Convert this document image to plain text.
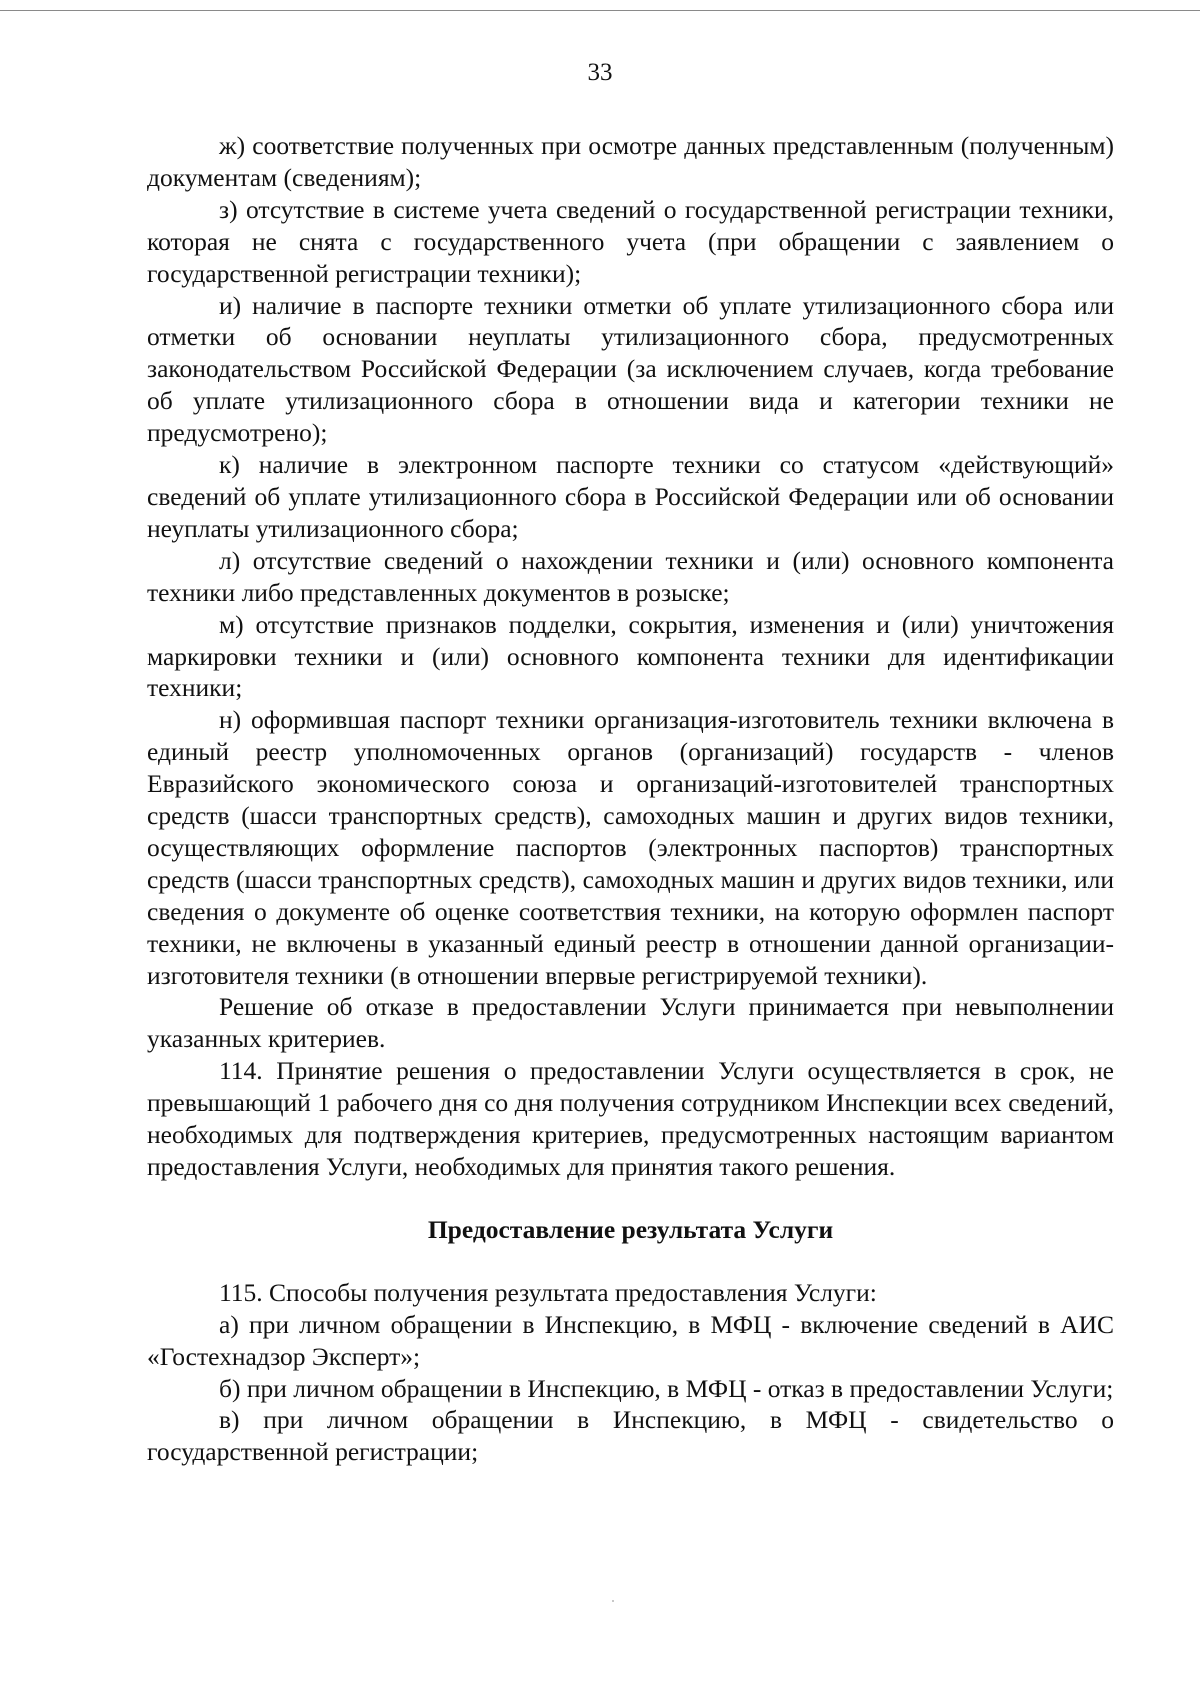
33

ж) соответствие полученных при осмотре данных представленным (полученным) документам (сведениям);

з) отсутствие в системе учета сведений о государственной регистрации техники, которая не снята с государственного учета (при обращении с заявлением о государственной регистрации техники);

и) наличие в паспорте техники отметки об уплате утилизационного сбора или отметки об основании неуплаты утилизационного сбора, предусмотренных законодательством Российской Федерации (за исключением случаев, когда требование об уплате утилизационного сбора в отношении вида и категории техники не предусмотрено);

к) наличие в электронном паспорте техники со статусом «действующий» сведений об уплате утилизационного сбора в Российской Федерации или об основании неуплаты утилизационного сбора;

л) отсутствие сведений о нахождении техники и (или) основного компонента техники либо представленных документов в розыске;

м) отсутствие признаков подделки, сокрытия, изменения и (или) уничтожения маркировки техники и (или) основного компонента техники для идентификации техники;

н) оформившая паспорт техники организация-изготовитель техники включена в единый реестр уполномоченных органов (организаций) государств - членов Евразийского экономического союза и организаций-изготовителей транспортных средств (шасси транспортных средств), самоходных машин и других видов техники, осуществляющих оформление паспортов (электронных паспортов) транспортных средств (шасси транспортных средств), самоходных машин и других видов техники, или сведения о документе об оценке соответствия техники, на которую оформлен паспорт техники, не включены в указанный единый реестр в отношении данной организации-изготовителя техники (в отношении впервые регистрируемой техники).

Решение об отказе в предоставлении Услуги принимается при невыполнении указанных критериев.

114. Принятие решения о предоставлении Услуги осуществляется в срок, не превышающий 1 рабочего дня со дня получения сотрудником Инспекции всех сведений, необходимых для подтверждения критериев, предусмотренных настоящим вариантом предоставления Услуги, необходимых для принятия такого решения.

Предоставление результата Услуги

115. Способы получения результата предоставления Услуги:

а) при личном обращении в Инспекцию, в МФЦ - включение сведений в АИС «Гостехнадзор Эксперт»;

б) при личном обращении в Инспекцию, в МФЦ - отказ в предоставлении Услуги;

в) при личном обращении в Инспекцию, в МФЦ - свидетельство о государственной регистрации;
